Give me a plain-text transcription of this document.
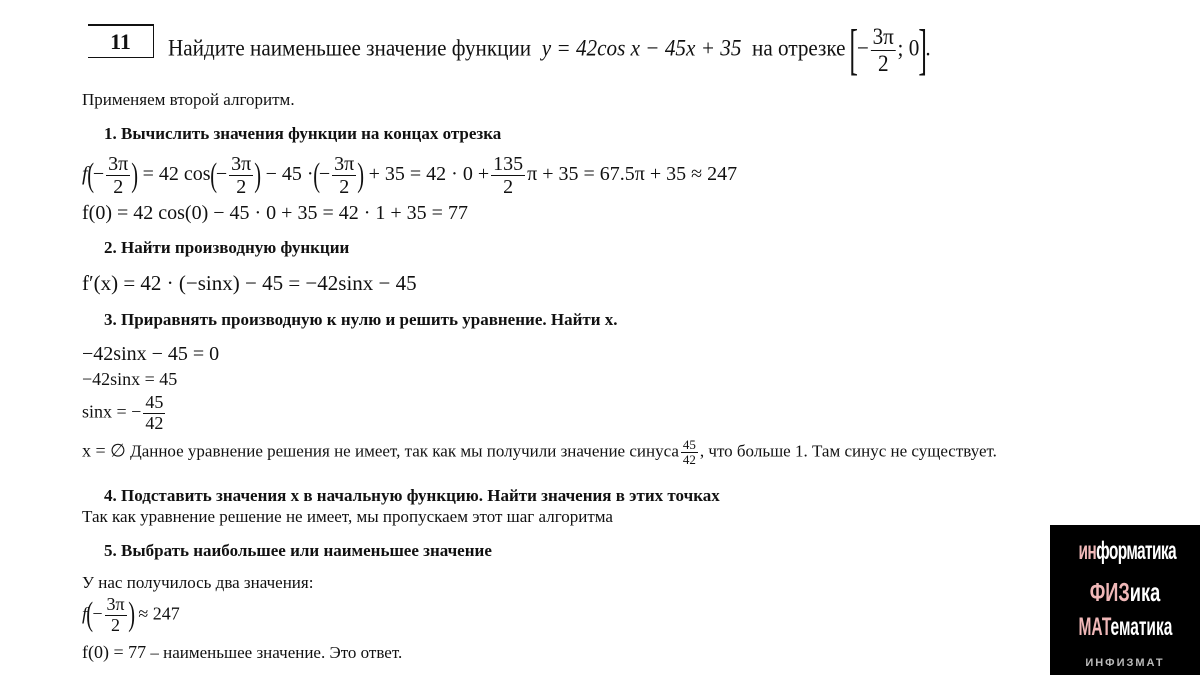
11	Найдите наименьшее значение функции y = 42cos x − 45x + 35 на отрезке [− $\frac{3\pi}{2}$ ; 0].
Применяем второй алгоритм.
1. Вычислить значения функции на концах отрезка
$f(- \frac{3\pi}{2}$ ) = 42 $\cos(- \frac{3\pi}{2}$ ) − 45 ·(− $\frac{3\pi}{2}$ ) + $35 = 42 \cdot 0 + \frac{135}{2}$ π + 35 = 67.5π + 35 ≈ 247
f(0) = 42 cos(0) − 45 · 0 + 35 = 42 · 1 + 35 = 77
2. Найти производную функции
f′(x) = 42 · (−sinx) − 45 = −42sinx − 45
3. Приравнять производную к нулю и решить уравнение. Найти x.
−42sinx − 45 = 0
−42sinx = 45
sinx = − $\frac{45}{42}$
x = ∅ Данное уравнение решения не имеет, так как мы получили значение синуса $\frac{45}{42}$ , что больше 1. Там синус не существует.
4. Подставить значения x в начальную функцию. Найти значения в этих точках
Так как уравнение решение не имеет, мы пропускаем этот шаг алгоритма
5. Выбрать наибольшее или наименьшее значение
У нас получилось два значения:
$f(- \frac{3\pi}{2}$ ) ≈ 247
f(0) = 77 – наименьшее значение. Это ответ.
информатика
ФИЗика
МАТематика
ИНФИЗМАТ
